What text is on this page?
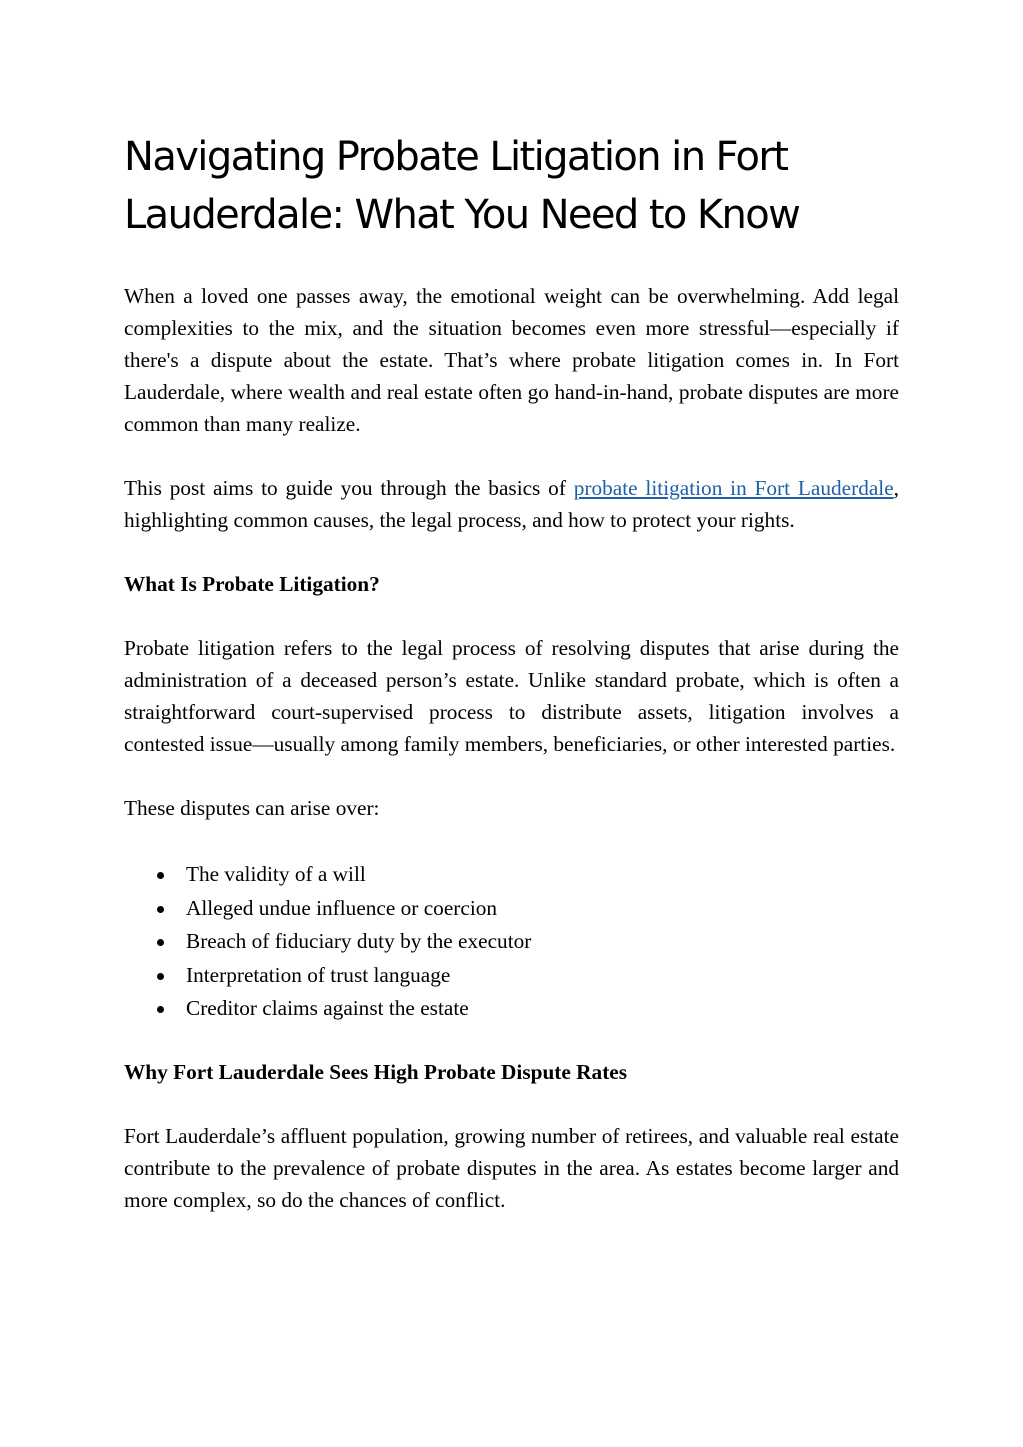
Navigating Probate Litigation in Fort
Lauderdale: What You Need to Know

When a loved one passes away, the emotional weight can be overwhelming. Add legal complexities to the mix, and the situation becomes even more stressful—especially if there's a dispute about the estate. That’s where probate litigation comes in. In Fort Lauderdale, where wealth and real estate often go hand-in-hand, probate disputes are more common than many realize.

This post aims to guide you through the basics of probate litigation in Fort Lauderdale, highlighting common causes, the legal process, and how to protect your rights.

What Is Probate Litigation?

Probate litigation refers to the legal process of resolving disputes that arise during the administration of a deceased person’s estate. Unlike standard probate, which is often a straightforward court-supervised process to distribute assets, litigation involves a contested issue—usually among family members, beneficiaries, or other interested parties.

These disputes can arise over:

The validity of a will
Alleged undue influence or coercion
Breach of fiduciary duty by the executor
Interpretation of trust language
Creditor claims against the estate
Why Fort Lauderdale Sees High Probate Dispute Rates

Fort Lauderdale’s affluent population, growing number of retirees, and valuable real estate contribute to the prevalence of probate disputes in the area. As estates become larger and more complex, so do the chances of conflict.
